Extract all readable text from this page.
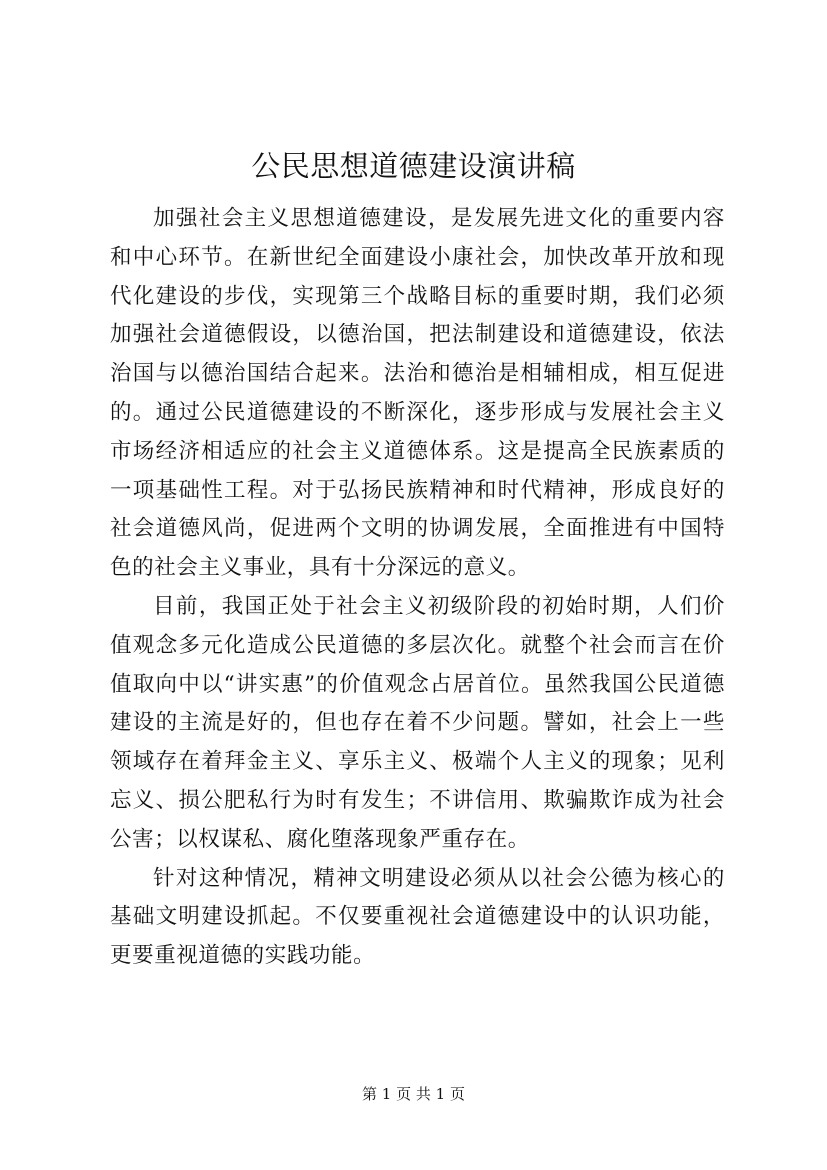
公民思想道德建设演讲稿

加强社会主义思想道德建设，是发展先进文化的重要内容和中心环节。在新世纪全面建设小康社会，加快改革开放和现代化建设的步伐，实现第三个战略目标的重要时期，我们必须加强社会道德假设，以德治国，把法制建设和道德建设，依法治国与以德治国结合起来。法治和德治是相辅相成，相互促进的。通过公民道德建设的不断深化，逐步形成与发展社会主义市场经济相适应的社会主义道德体系。这是提高全民族素质的一项基础性工程。对于弘扬民族精神和时代精神，形成良好的社会道德风尚，促进两个文明的协调发展，全面推进有中国特色的社会主义事业，具有十分深远的意义。

目前，我国正处于社会主义初级阶段的初始时期，人们价值观念多元化造成公民道德的多层次化。就整个社会而言在价值取向中以“讲实惠”的价值观念占居首位。虽然我国公民道德建设的主流是好的，但也存在着不少问题。譬如，社会上一些领域存在着拜金主义、享乐主义、极端个人主义的现象；见利忘义、损公肥私行为时有发生；不讲信用、欺骗欺诈成为社会公害；以权谋私、腐化堕落现象严重存在。

针对这种情况，精神文明建设必须从以社会公德为核心的基础文明建设抓起。不仅要重视社会道德建设中的认识功能，更要重视道德的实践功能。

第 1 页 共 1 页
